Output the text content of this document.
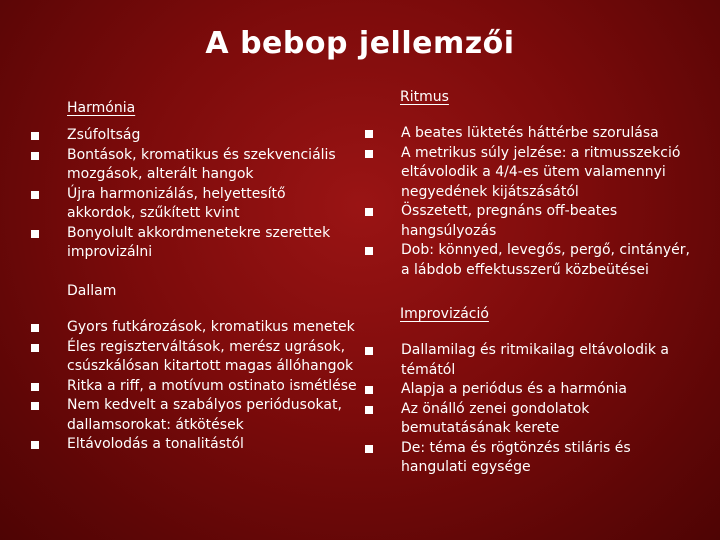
A bebop jellemzői
Harmónia
Zsúfoltság
Bontások, kromatikus és szekvenciális mozgások, alterált hangok
Újra harmonizálás, helyettesítő akkordok, szűkített kvint
Bonyolult akkordmenetekre szerettek improvizálni
Dallam
Gyors futkározások, kromatikus menetek
Éles regiszterváltások, merész ugrások, csúszkálósan kitartott magas állóhangok
Ritka a riff, a motívum ostinato ismétlése
Nem kedvelt a szabályos periódusokat, dallamsorokat: átkötések
Eltávolodás a tonalitástól
Ritmus
A beates lüktetés háttérbe szorulása
A metrikus súly jelzése: a ritmusszekció eltávolodik a 4/4-es ütem valamennyi negyedének kijátszásától
Összetett, pregnáns off-beates hangsúlyozás
Dob: könnyed, levegős, pergő, cintányér, a lábdob effektusszerű közbeütései
Improvizáció
Dallamilag és ritmikailag eltávolodik a témától
Alapja a periódus és a harmónia
Az önálló zenei gondolatok bemutatásának kerete
De: téma és rögtönzés stiláris és hangulati egysége
